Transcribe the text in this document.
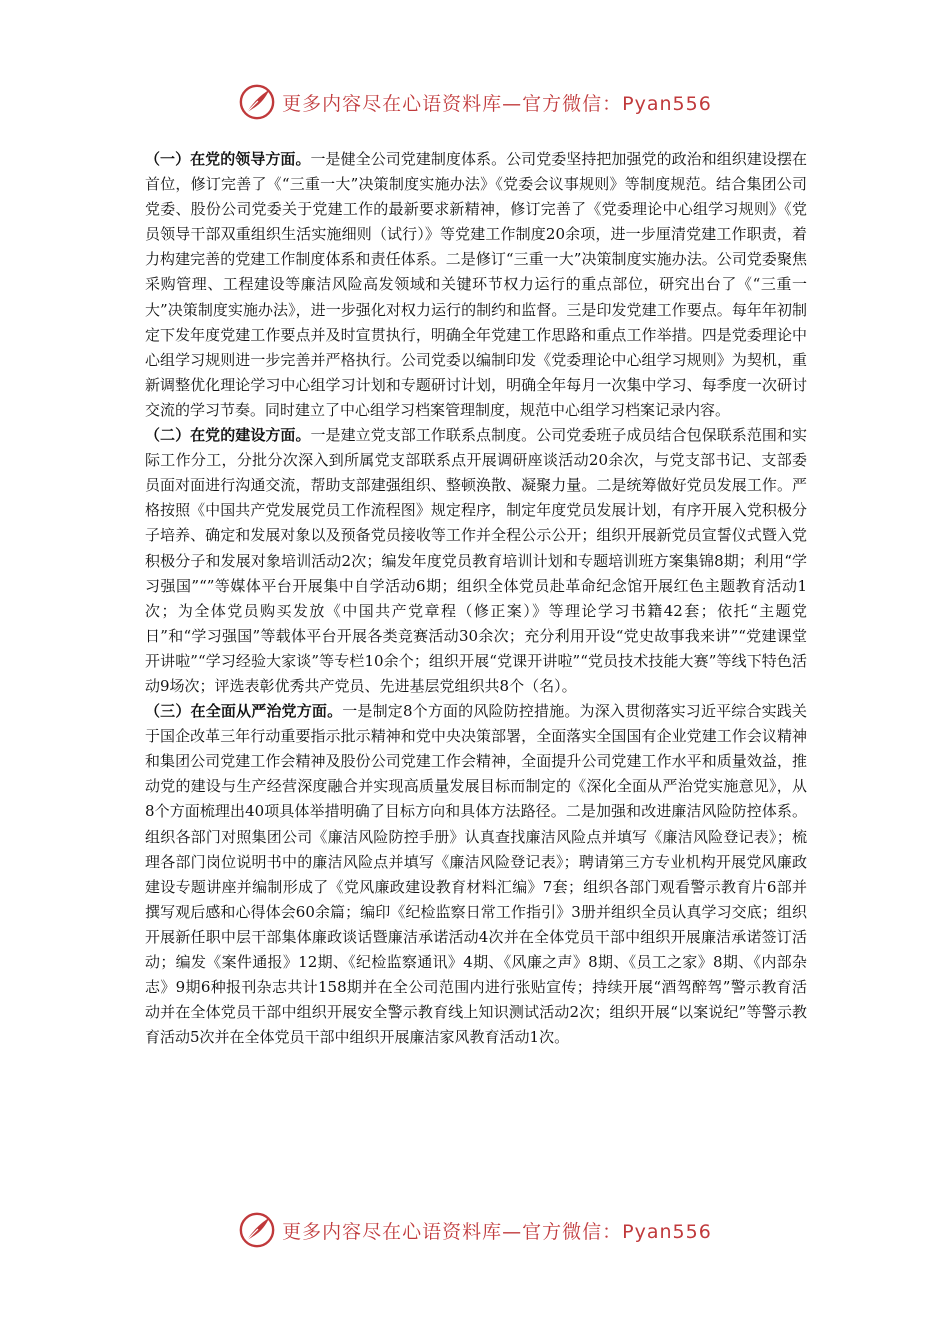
更多内容尽在心语资料库—官方微信：Pyan556

（一）在党的领导方面。一是健全公司党建制度体系。公司党委坚持把加强党的政治和组织建设摆在首位，修订完善了《“三重一大”决策制度实施办法》《党委会议事规则》等制度规范。结合集团公司党委、股份公司党委关于党建工作的最新要求新精神，修订完善了《党委理论中心组学习规则》《党员领导干部双重组织生活实施细则（试行）》等党建工作制度20余项，进一步厘清党建工作职责，着力构建完善的党建工作制度体系和责任体系。二是修订“三重一大”决策制度实施办法。公司党委聚焦采购管理、工程建设等廉洁风险高发领域和关键环节权力运行的重点部位，研究出台了《“三重一大”决策制度实施办法》，进一步强化对权力运行的制约和监督。三是印发党建工作要点。每年年初制定下发年度党建工作要点并及时宣贯执行，明确全年党建工作思路和重点工作举措。四是党委理论中心组学习规则进一步完善并严格执行。公司党委以编制印发《党委理论中心组学习规则》为契机，重新调整优化理论学习中心组学习计划和专题研讨计划，明确全年每月一次集中学习、每季度一次研讨交流的学习节奏。同时建立了中心组学习档案管理制度，规范中心组学习档案记录内容。

（二）在党的建设方面。一是建立党支部工作联系点制度。公司党委班子成员结合包保联系范围和实际工作分工，分批分次深入到所属党支部联系点开展调研座谈活动20余次，与党支部书记、支部委员面对面进行沟通交流，帮助支部建强组织、整顿涣散、凝聚力量。二是统筹做好党员发展工作。严格按照《中国共产党发展党员工作流程图》规定程序，制定年度党员发展计划，有序开展入党积极分子培养、确定和发展对象以及预备党员接收等工作并全程公示公开；组织开展新党员宣誓仪式暨入党积极分子和发展对象培训活动2次；编发年度党员教育培训计划和专题培训班方案集锦8期；利用“学习强国”“”等媒体平台开展集中自学活动6期；组织全体党员赴革命纪念馆开展红色主题教育活动1次；为全体党员购买发放《中国共产党章程（修正案）》等理论学习书籍42套；依托“主题党日”和“学习强国”等载体平台开展各类竞赛活动30余次；充分利用开设“党史故事我来讲”“党建课堂开讲啦”“学习经验大家谈”等专栏10余个；组织开展“党课开讲啦”“党员技术技能大赛”等线下特色活动9场次；评选表彰优秀共产党员、先进基层党组织共8个（名）。

（三）在全面从严治党方面。一是制定8个方面的风险防控措施。为深入贯彻落实习近平综合实践关于国企改革三年行动重要指示批示精神和党中央决策部署，全面落实全国国有企业党建工作会议精神和集团公司党建工作会精神及股份公司党建工作会精神，全面提升公司党建工作水平和质量效益，推动党的建设与生产经营深度融合并实现高质量发展目标而制定的《深化全面从严治党实施意见》，从8个方面梳理出40项具体举措明确了目标方向和具体方法路径。二是加强和改进廉洁风险防控体系。组织各部门对照集团公司《廉洁风险防控手册》认真查找廉洁风险点并填写《廉洁风险登记表》；梳理各部门岗位说明书中的廉洁风险点并填写《廉洁风险登记表》；聘请第三方专业机构开展党风廉政建设专题讲座并编制形成了《党风廉政建设教育材料汇编》7套；组织各部门观看警示教育片6部并撰写观后感和心得体会60余篇；编印《纪检监察日常工作指引》3册并组织全员认真学习交底；组织开展新任职中层干部集体廉政谈话暨廉洁承诺活动4次并在全体党员干部中组织开展廉洁承诺签订活动；编发《案件通报》12期、《纪检监察通讯》4期、《风廉之声》8期、《员工之家》8期、《内部杂志》9期6种报刊杂志共计158期并在全公司范围内进行张贴宣传；持续开展“酒驾醉驾”警示教育活动并在全体党员干部中组织开展安全警示教育线上知识测试活动2次；组织开展“以案说纪”等警示教育活动5次并在全体党员干部中组织开展廉洁家风教育活动1次。

更多内容尽在心语资料库—官方微信：Pyan556
